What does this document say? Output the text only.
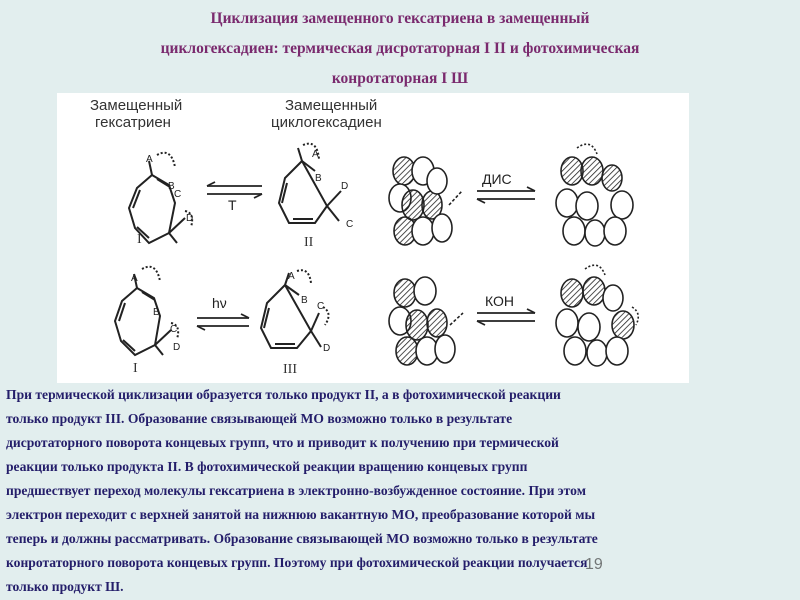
Циклизация замещенного гексатриена в замещенный
циклогексадиен: термическая дисротаторная I II и фотохимическая
конротаторная I Ш
Замещенный
гексатриен
Замещенный
циклогексадиен
A
B
C
D
I
T
A
B
D
C
II
ДИС
A
B
C
D
I
hν
A
B
C
D
III
КОН
При термической циклизации образуется только продукт II, а в фотохимической реакции
только продукт III. Образование связывающей МО возможно только в результате
дисротаторного поворота концевых групп, что и приводит к получению при термической
реакции только продукта II. В фотохимической реакции вращению концевых групп
предшествует переход молекулы гексатриена в электронно-возбужденное состояние. При этом
электрон переходит с верхней занятой на нижнюю вакантную МО, преобразование которой мы
теперь и должны рассматривать. Образование связывающей МО возможно только в результате
конротаторного поворота концевых групп. Поэтому при фотохимической реакции получается
только продукт Ш.
19
